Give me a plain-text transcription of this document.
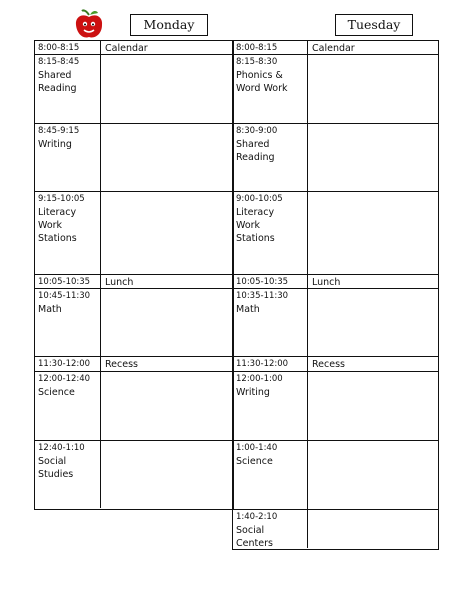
Monday	Tuesday
8:00-8:15	Calendar
8:15-8:45
Shared
Reading
8:45-9:15
Writing
9:15-10:05
Literacy
Work
Stations
10:05-10:35	Lunch
10:45-11:30
Math
11:30-12:00	Recess
12:00-12:40
Science
12:40-1:10
Social
Studies
8:00-8:15	Calendar
8:15-8:30
Phonics &
Word Work
8:30-9:00
Shared
Reading
9:00-10:05
Literacy
Work
Stations
10:05-10:35	Lunch
10:35-11:30
Math
11:30-12:00	Recess
12:00-1:00
Writing
1:00-1:40
Science
1:40-2:10
Social
Centers
